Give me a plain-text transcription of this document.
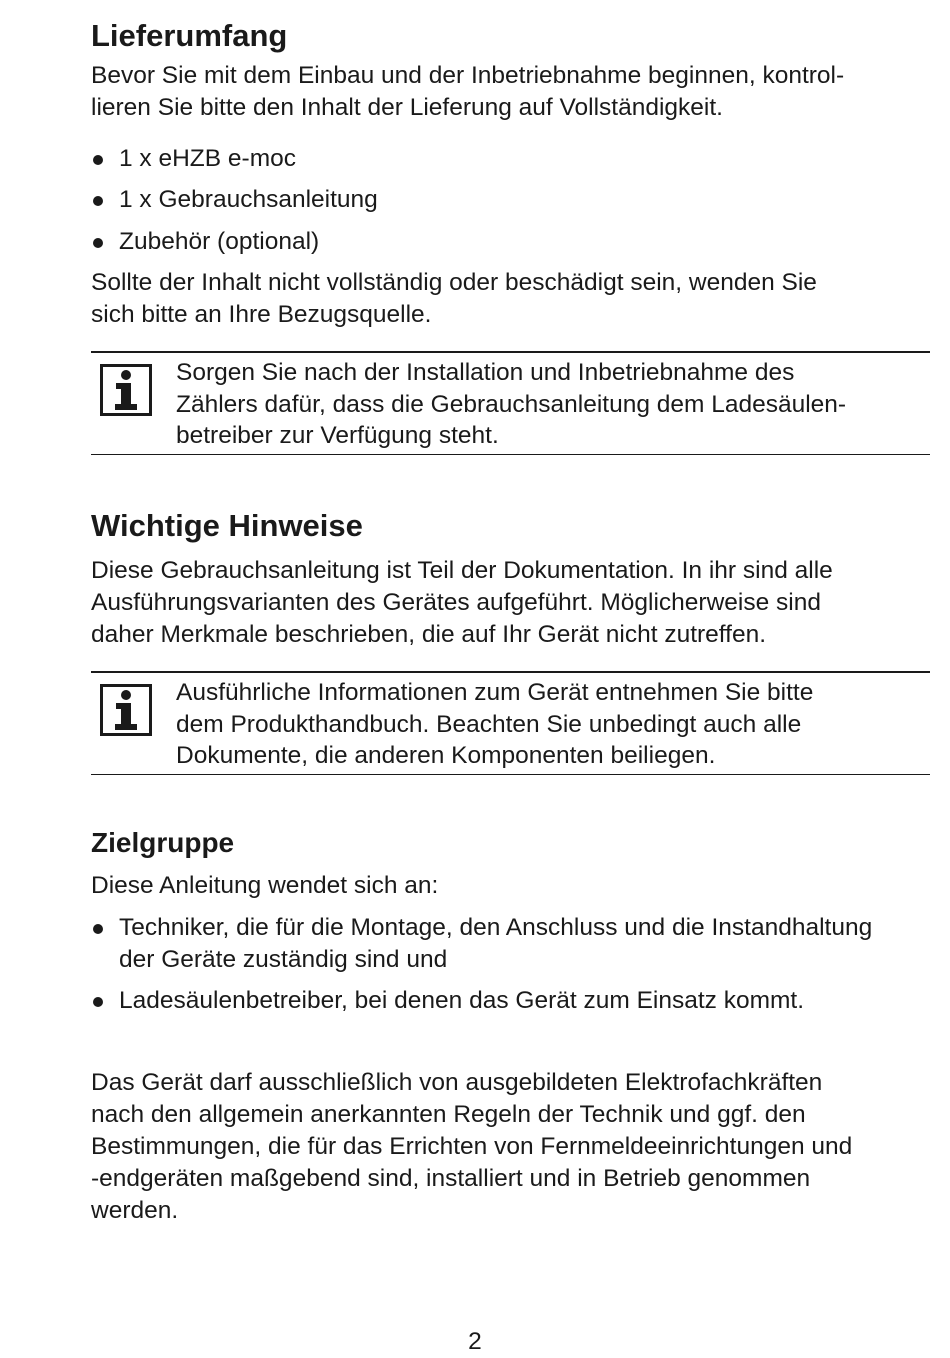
Lieferumfang

Bevor Sie mit dem Einbau und der Inbetriebnahme beginnen, kontrol-
lieren Sie bitte den Inhalt der Lieferung auf Vollständigkeit.

1 x eHZB e-moc
1 x Gebrauchsanleitung
Zubehör (optional)

Sollte der Inhalt nicht vollständig oder beschädigt sein, wenden Sie
sich bitte an Ihre Bezugsquelle.

Sorgen Sie nach der Installation und Inbetriebnahme des
Zählers dafür, dass die Gebrauchsanleitung dem Ladesäulen-
betreiber zur Verfügung steht.

Wichtige Hinweise

Diese Gebrauchsanleitung ist Teil der Dokumentation. In ihr sind alle
Ausführungsvarianten des Gerätes aufgeführt. Möglicherweise sind
daher Merkmale beschrieben, die auf Ihr Gerät nicht zutreffen.

Ausführliche Informationen zum Gerät entnehmen Sie bitte
dem Produkthandbuch. Beachten Sie unbedingt auch alle
Dokumente, die anderen Komponenten beiliegen.

Zielgruppe

Diese Anleitung wendet sich an:

Techniker, die für die Montage, den Anschluss und die Instandhaltung
der Geräte zuständig sind und
Ladesäulenbetreiber, bei denen das Gerät zum Einsatz kommt.

Das Gerät darf ausschließlich von ausgebildeten Elektrofachkräften
nach den allgemein anerkannten Regeln der Technik und ggf. den
Bestimmungen, die für das Errichten von Fernmeldeeinrichtungen und
-endgeräten maßgebend sind, installiert und in Betrieb genommen
werden.

2
